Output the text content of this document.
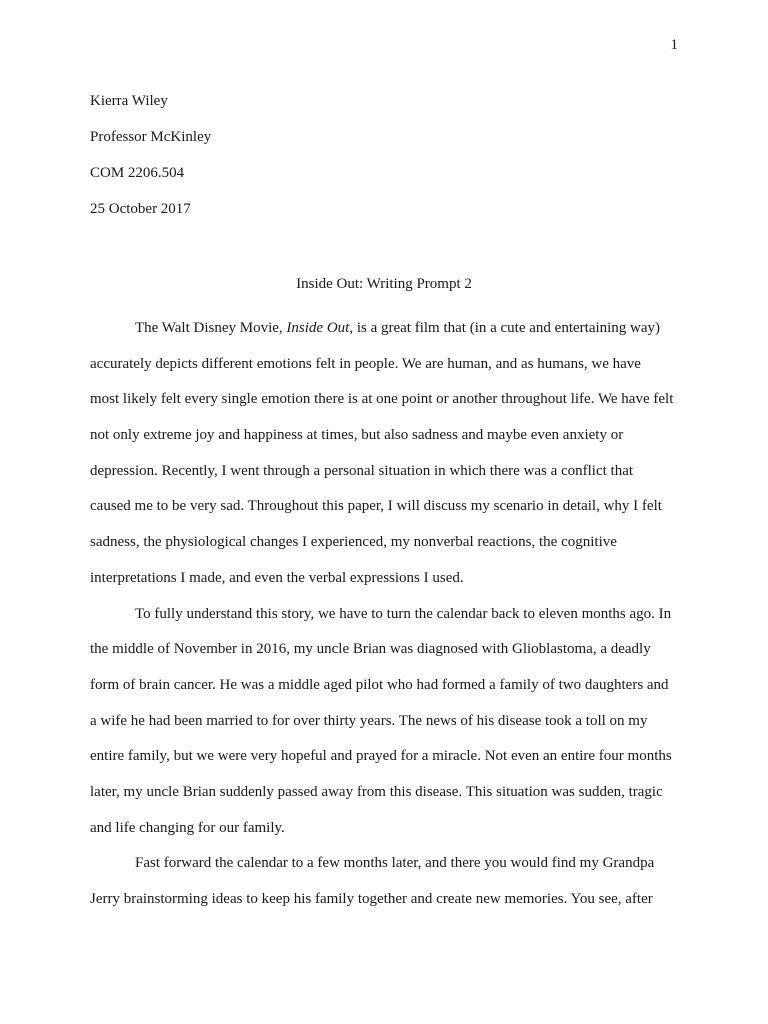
1
Kierra Wiley
Professor McKinley
COM 2206.504
25 October 2017
Inside Out: Writing Prompt 2
The Walt Disney Movie, Inside Out, is a great film that (in a cute and entertaining way)
accurately depicts different emotions felt in people. We are human, and as humans, we have
most likely felt every single emotion there is at one point or another throughout life. We have felt
not only extreme joy and happiness at times, but also sadness and maybe even anxiety or
depression. Recently, I went through a personal situation in which there was a conflict that
caused me to be very sad. Throughout this paper, I will discuss my scenario in detail, why I felt
sadness, the physiological changes I experienced, my nonverbal reactions, the cognitive
interpretations I made, and even the verbal expressions I used.
To fully understand this story, we have to turn the calendar back to eleven months ago. In
the middle of November in 2016, my uncle Brian was diagnosed with Glioblastoma, a deadly
form of brain cancer. He was a middle aged pilot who had formed a family of two daughters and
a wife he had been married to for over thirty years. The news of his disease took a toll on my
entire family, but we were very hopeful and prayed for a miracle. Not even an entire four months
later, my uncle Brian suddenly passed away from this disease. This situation was sudden, tragic
and life changing for our family.
Fast forward the calendar to a few months later, and there you would find my Grandpa
Jerry brainstorming ideas to keep his family together and create new memories. You see, after
